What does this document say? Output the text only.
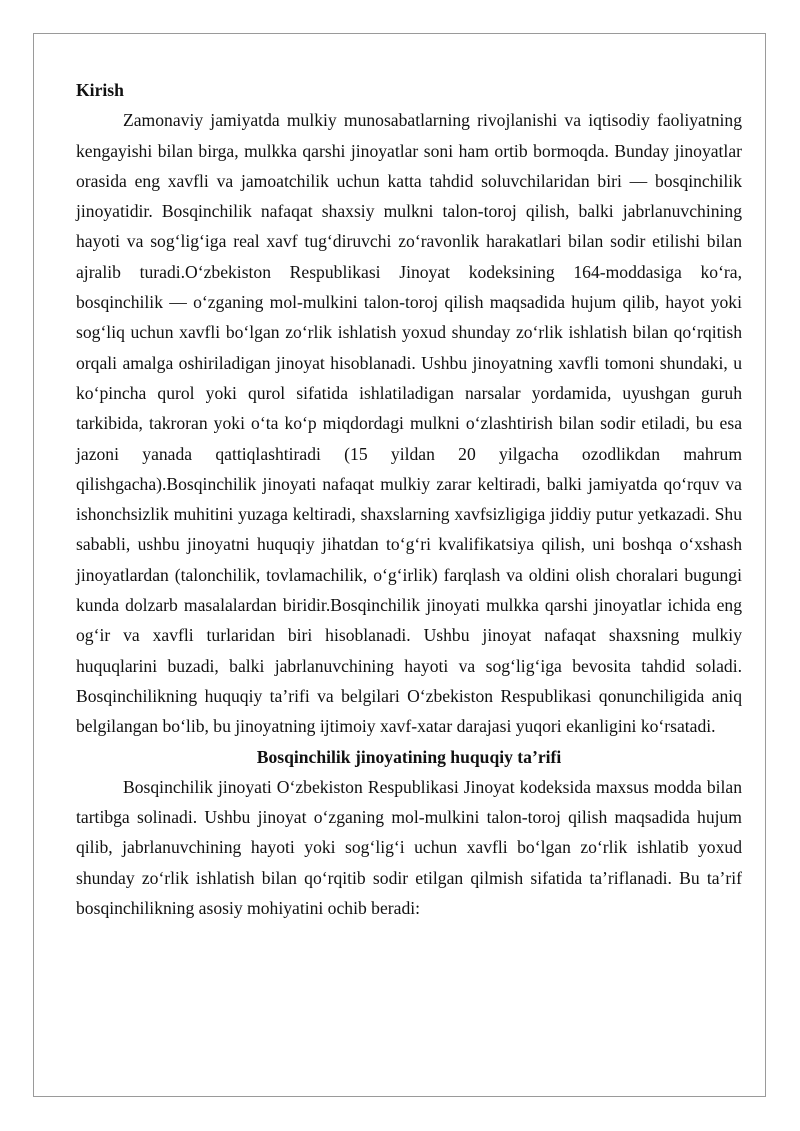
Kirish

Zamonaviy jamiyatda mulkiy munosabatlarning rivojlanishi va iqtisodiy faoliyatning kengayishi bilan birga, mulkka qarshi jinoyatlar soni ham ortib bormoqda. Bunday jinoyatlar orasida eng xavfli va jamoatchilik uchun katta tahdid soluvchilaridan biri — bosqinchilik jinoyatidir. Bosqinchilik nafaqat shaxsiy mulkni talon-toroj qilish, balki jabrlanuvchining hayoti va sog‘lig‘iga real xavf tug‘diruvchi zo‘ravonlik harakatlari bilan sodir etilishi bilan ajralib turadi.O‘zbekiston Respublikasi Jinoyat kodeksining 164-moddasiga ko‘ra, bosqinchilik — o‘zganing mol-mulkini talon-toroj qilish maqsadida hujum qilib, hayot yoki sog‘liq uchun xavfli bo‘lgan zo‘rlik ishlatish yoxud shunday zo‘rlik ishlatish bilan qo‘rqitish orqali amalga oshiriladigan jinoyat hisoblanadi. Ushbu jinoyatning xavfli tomoni shundaki, u ko‘pincha qurol yoki qurol sifatida ishlatiladigan narsalar yordamida, uyushgan guruh tarkibida, takroran yoki o‘ta ko‘p miqdordagi mulkni o‘zlashtirish bilan sodir etiladi, bu esa jazoni yanada qattiqlashtiradi (15 yildan 20 yilgacha ozodlikdan mahrum qilishgacha).Bosqinchilik jinoyati nafaqat mulkiy zarar keltiradi, balki jamiyatda qo‘rquv va ishonchsizlik muhitini yuzaga keltiradi, shaxslarning xavfsizligiga jiddiy putur yetkazadi. Shu sababli, ushbu jinoyatni huquqiy jihatdan to‘g‘ri kvalifikatsiya qilish, uni boshqa o‘xshash jinoyatlardan (talonchilik, tovlamachilik, o‘g‘irlik) farqlash va oldini olish choralari bugungi kunda dolzarb masalalardan biridir.Bosqinchilik jinoyati mulkka qarshi jinoyatlar ichida eng og‘ir va xavfli turlaridan biri hisoblanadi. Ushbu jinoyat nafaqat shaxsning mulkiy huquqlarini buzadi, balki jabrlanuvchining hayoti va sog‘lig‘iga bevosita tahdid soladi. Bosqinchilikning huquqiy ta’rifi va belgilari O‘zbekiston Respublikasi qonunchiligida aniq belgilangan bo‘lib, bu jinoyatning ijtimoiy xavf-xatar darajasi yuqori ekanligini ko‘rsatadi.

Bosqinchilik jinoyatining huquqiy ta’rifi

Bosqinchilik jinoyati O‘zbekiston Respublikasi Jinoyat kodeksida maxsus modda bilan tartibga solinadi. Ushbu jinoyat o‘zganing mol-mulkini talon-toroj qilish maqsadida hujum qilib, jabrlanuvchining hayoti yoki sog‘lig‘i uchun xavfli bo‘lgan zo‘rlik ishlatib yoxud shunday zo‘rlik ishlatish bilan qo‘rqitib sodir etilgan qilmish sifatida ta’riflanadi. Bu ta’rif bosqinchilikning asosiy mohiyatini ochib beradi:
